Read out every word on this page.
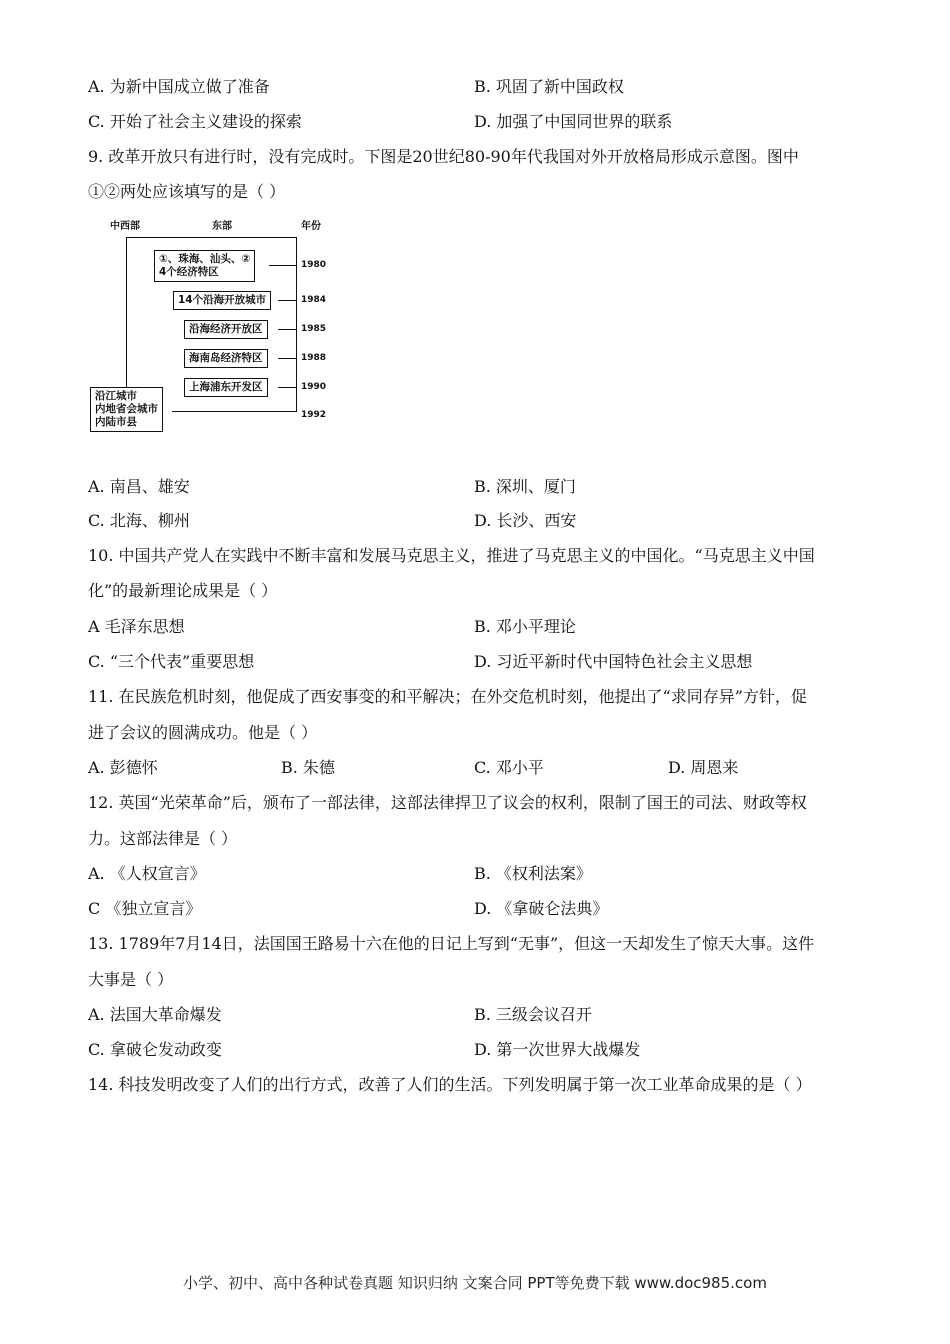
A. 为新中国成立做了准备	B. 巩固了新中国政权
C. 开始了社会主义建设的探索	D. 加强了中国同世界的联系
9. 改革开放只有进行时，没有完成时。下图是20世纪80-90年代我国对外开放格局形成示意图。图中
①②两处应该填写的是（ ）
中西部	东部	年份
①、珠海、汕头、②
4个经济特区
1980
14个沿海开放城市	1984
沿海经济开放区	1985
海南岛经济特区	1988
上海浦东开发区	1990
沿江城市
内地省会城市
内陆市县
1992
A. 南昌、雄安	B. 深圳、厦门
C. 北海、柳州	D. 长沙、西安
10. 中国共产党人在实践中不断丰富和发展马克思主义，推进了马克思主义的中国化。“马克思主义中国
化”的最新理论成果是（ ）
A 毛泽东思想	B. 邓小平理论
C. “三个代表”重要思想	D. 习近平新时代中国特色社会主义思想
11. 在民族危机时刻，他促成了西安事变的和平解决；在外交危机时刻，他提出了“求同存异”方针，促
进了会议的圆满成功。他是（ ）
A. 彭德怀	B. 朱德	C. 邓小平	D. 周恩来
12. 英国“光荣革命”后，颁布了一部法律，这部法律捍卫了议会的权利，限制了国王的司法、财政等权
力。这部法律是（ ）
A. 《人权宣言》	B. 《权利法案》
C 《独立宣言》	D. 《拿破仑法典》
13. 1789年7月14日，法国国王路易十六在他的日记上写到“无事”，但这一天却发生了惊天大事。这件
大事是（ ）
A. 法国大革命爆发	B. 三级会议召开
C. 拿破仑发动政变	D. 第一次世界大战爆发
14. 科技发明改变了人们的出行方式，改善了人们的生活。下列发明属于第一次工业革命成果的是（ ）
小学、初中、高中各种试卷真题 知识归纳 文案合同 PPT等免费下载 www.doc985.com
